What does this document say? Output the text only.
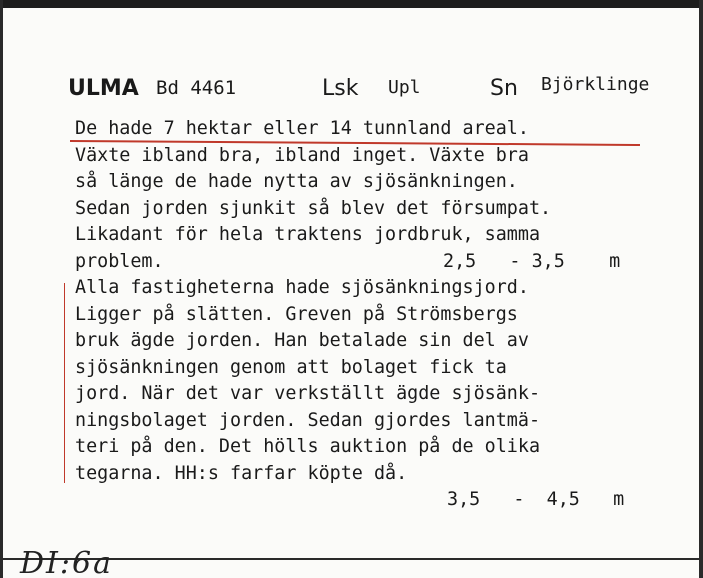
ULMA Bd 4461	Lsk Upl	Sn Björklinge
De hade 7 hektar eller 14 tunnland areal.
Växte ibland bra, ibland inget. Växte bra
så länge de hade nytta av sjösänkningen.
Sedan jorden sjunkit så blev det försumpat.
Likadant för hela traktens jordbruk, samma
problem.	2,5   - 3,5    m
Alla fastigheterna hade sjösänkningsjord.
Ligger på slätten. Greven på Strömsbergs
bruk ägde jorden. Han betalade sin del av
sjösänkningen genom att bolaget fick ta
jord. När det var verkställt ägde sjösänk-
ningsbolaget jorden. Sedan gjordes lantmä-
teri på den. Det hölls auktion på de olika
tegarna. HH:s farfar köpte då.
3,5   -  4,5   m
DI:6a
